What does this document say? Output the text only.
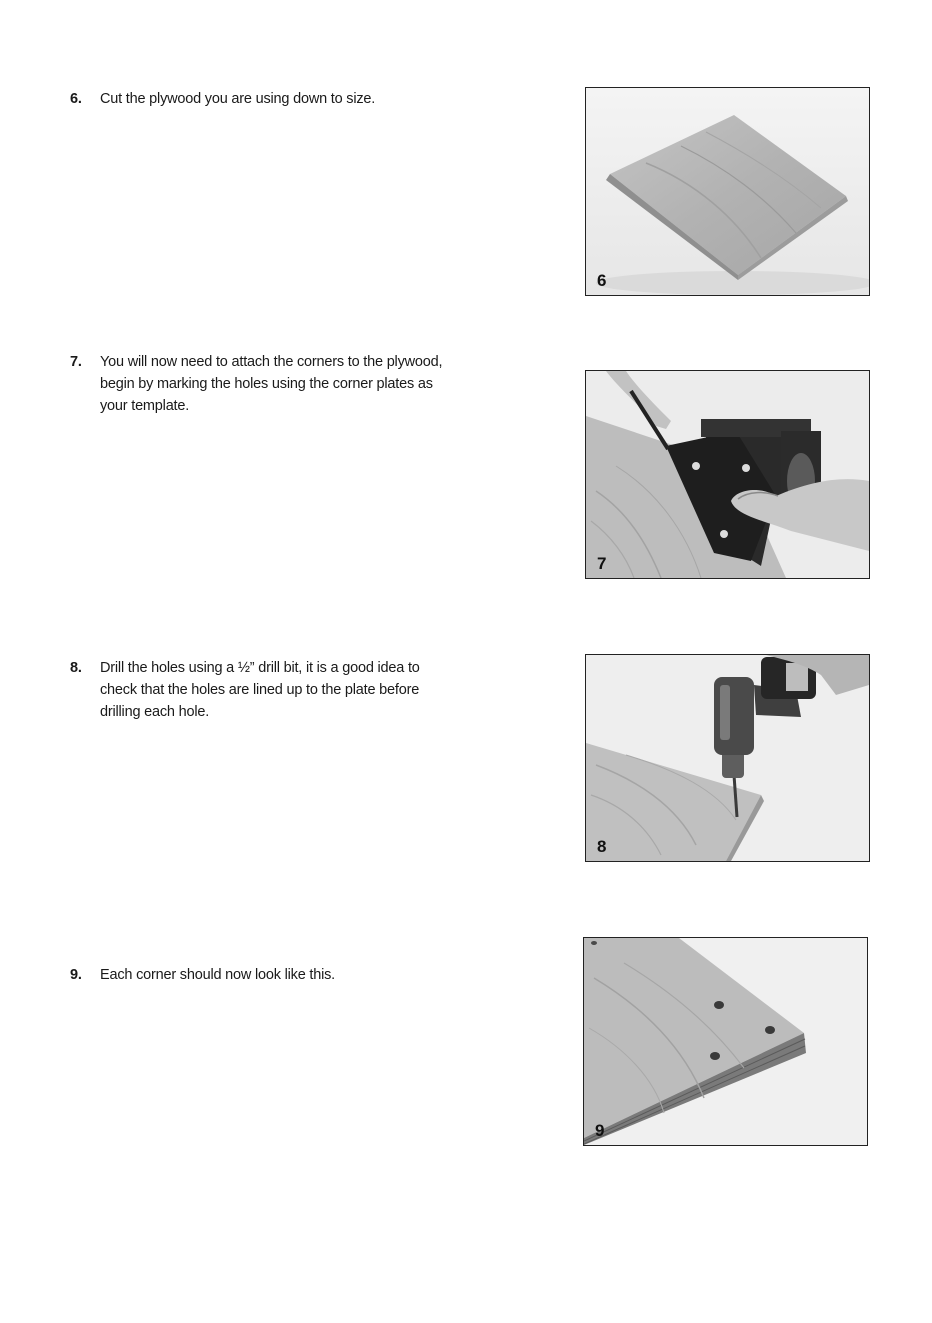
6. Cut the plywood you are using down to size.
6
7. You will now need to attach the corners to the plywood, begin by marking the holes using the corner plates as your template.
7
8. Drill the holes using a ½” drill bit, it is a good idea to check that the holes are lined up to the plate before drilling each hole.
8
9. Each corner should now look like this.
9
